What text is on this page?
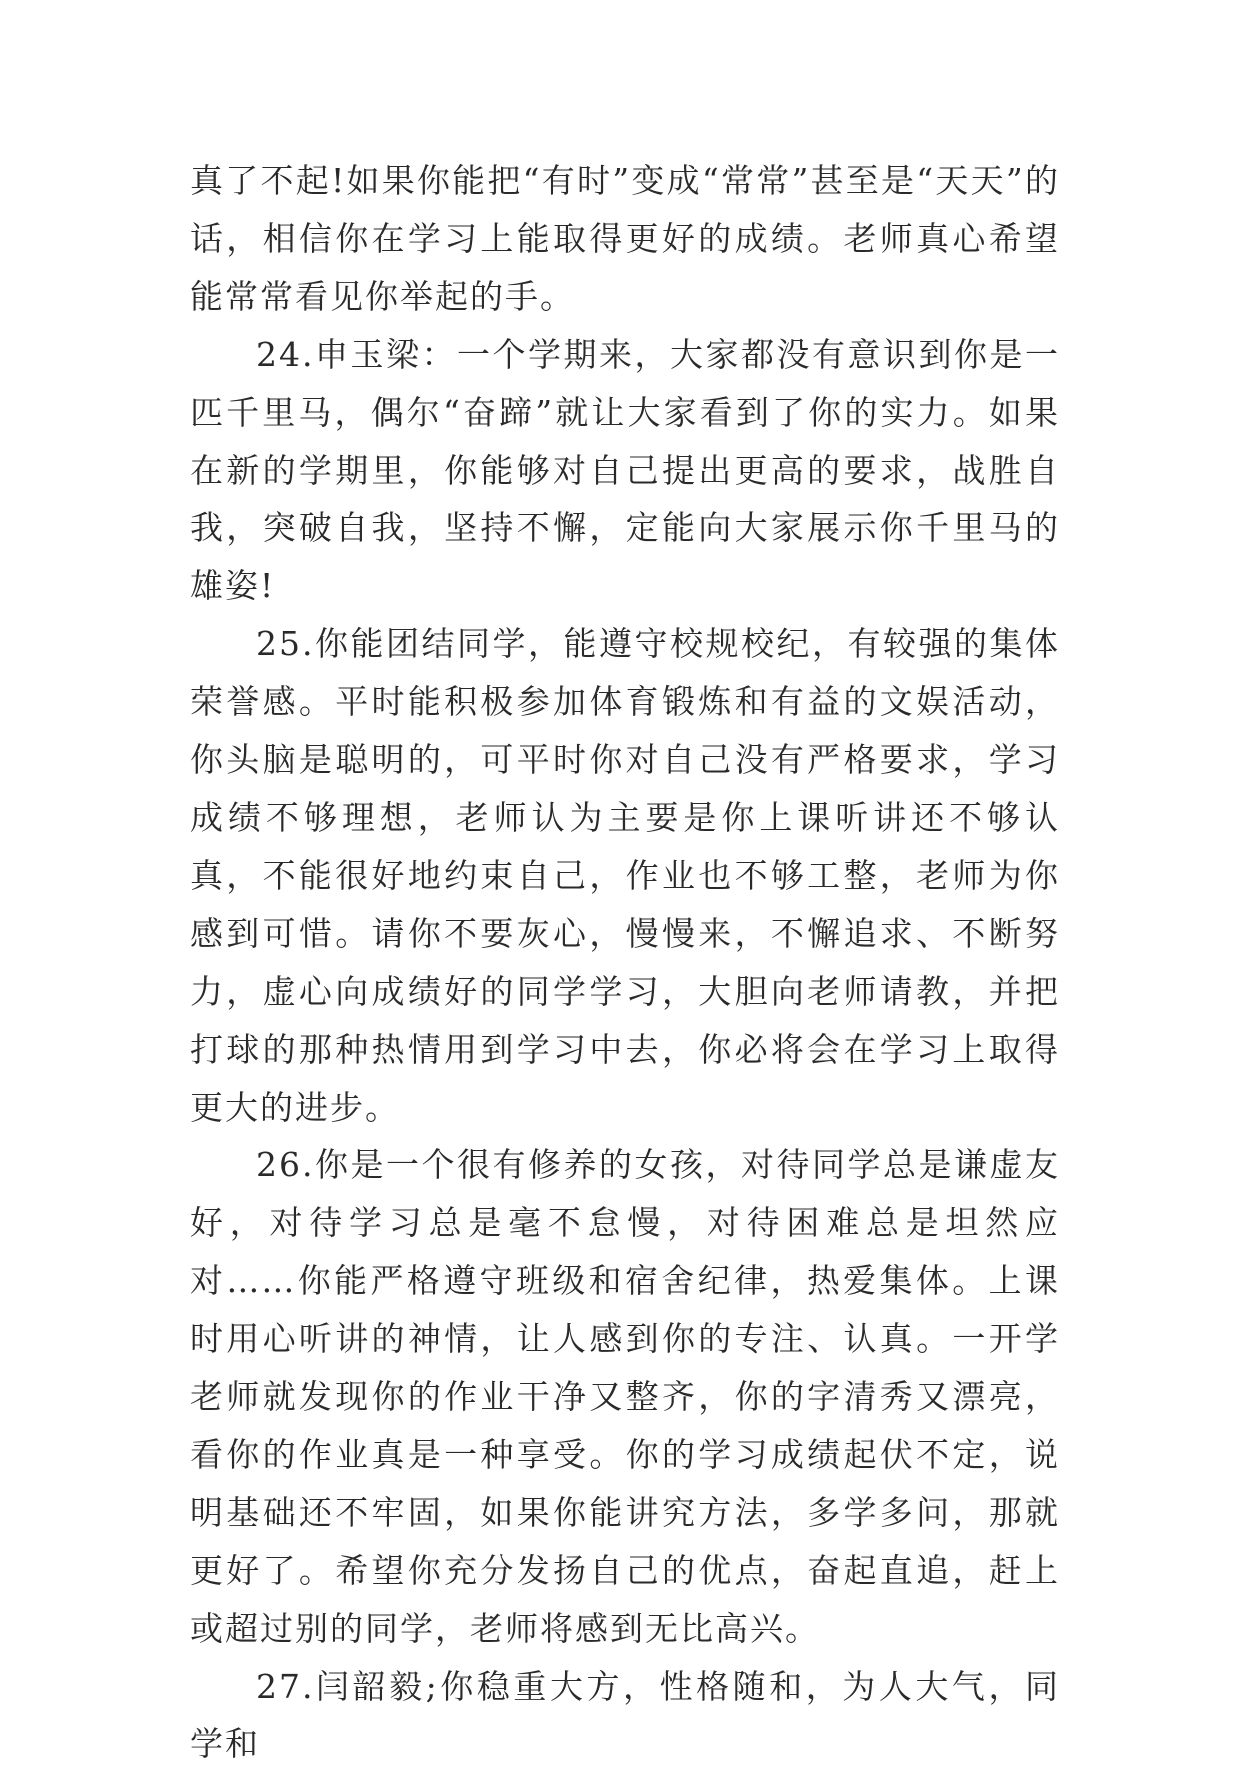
真了不起!如果你能把“有时”变成“常常”甚至是“天天”的话，相信你在学习上能取得更好的成绩。老师真心希望能常常看见你举起的手。

24.申玉梁：一个学期来，大家都没有意识到你是一匹千里马，偶尔“奋蹄”就让大家看到了你的实力。如果在新的学期里，你能够对自己提出更高的要求，战胜自我，突破自我，坚持不懈，定能向大家展示你千里马的雄姿!

25.你能团结同学，能遵守校规校纪，有较强的集体荣誉感。平时能积极参加体育锻炼和有益的文娱活动，你头脑是聪明的，可平时你对自己没有严格要求，学习成绩不够理想，老师认为主要是你上课听讲还不够认真，不能很好地约束自己，作业也不够工整，老师为你感到可惜。请你不要灰心，慢慢来，不懈追求、不断努力，虚心向成绩好的同学学习，大胆向老师请教，并把打球的那种热情用到学习中去，你必将会在学习上取得更大的进步。

26.你是一个很有修养的女孩，对待同学总是谦虚友好，对待学习总是毫不怠慢，对待困难总是坦然应对……你能严格遵守班级和宿舍纪律，热爱集体。上课时用心听讲的神情，让人感到你的专注、认真。一开学老师就发现你的作业干净又整齐，你的字清秀又漂亮，看你的作业真是一种享受。你的学习成绩起伏不定，说明基础还不牢固，如果你能讲究方法，多学多问，那就更好了。希望你充分发扬自己的优点，奋起直追，赶上或超过别的同学，老师将感到无比高兴。

27.闫韶毅;你稳重大方，性格随和，为人大气，同学和
